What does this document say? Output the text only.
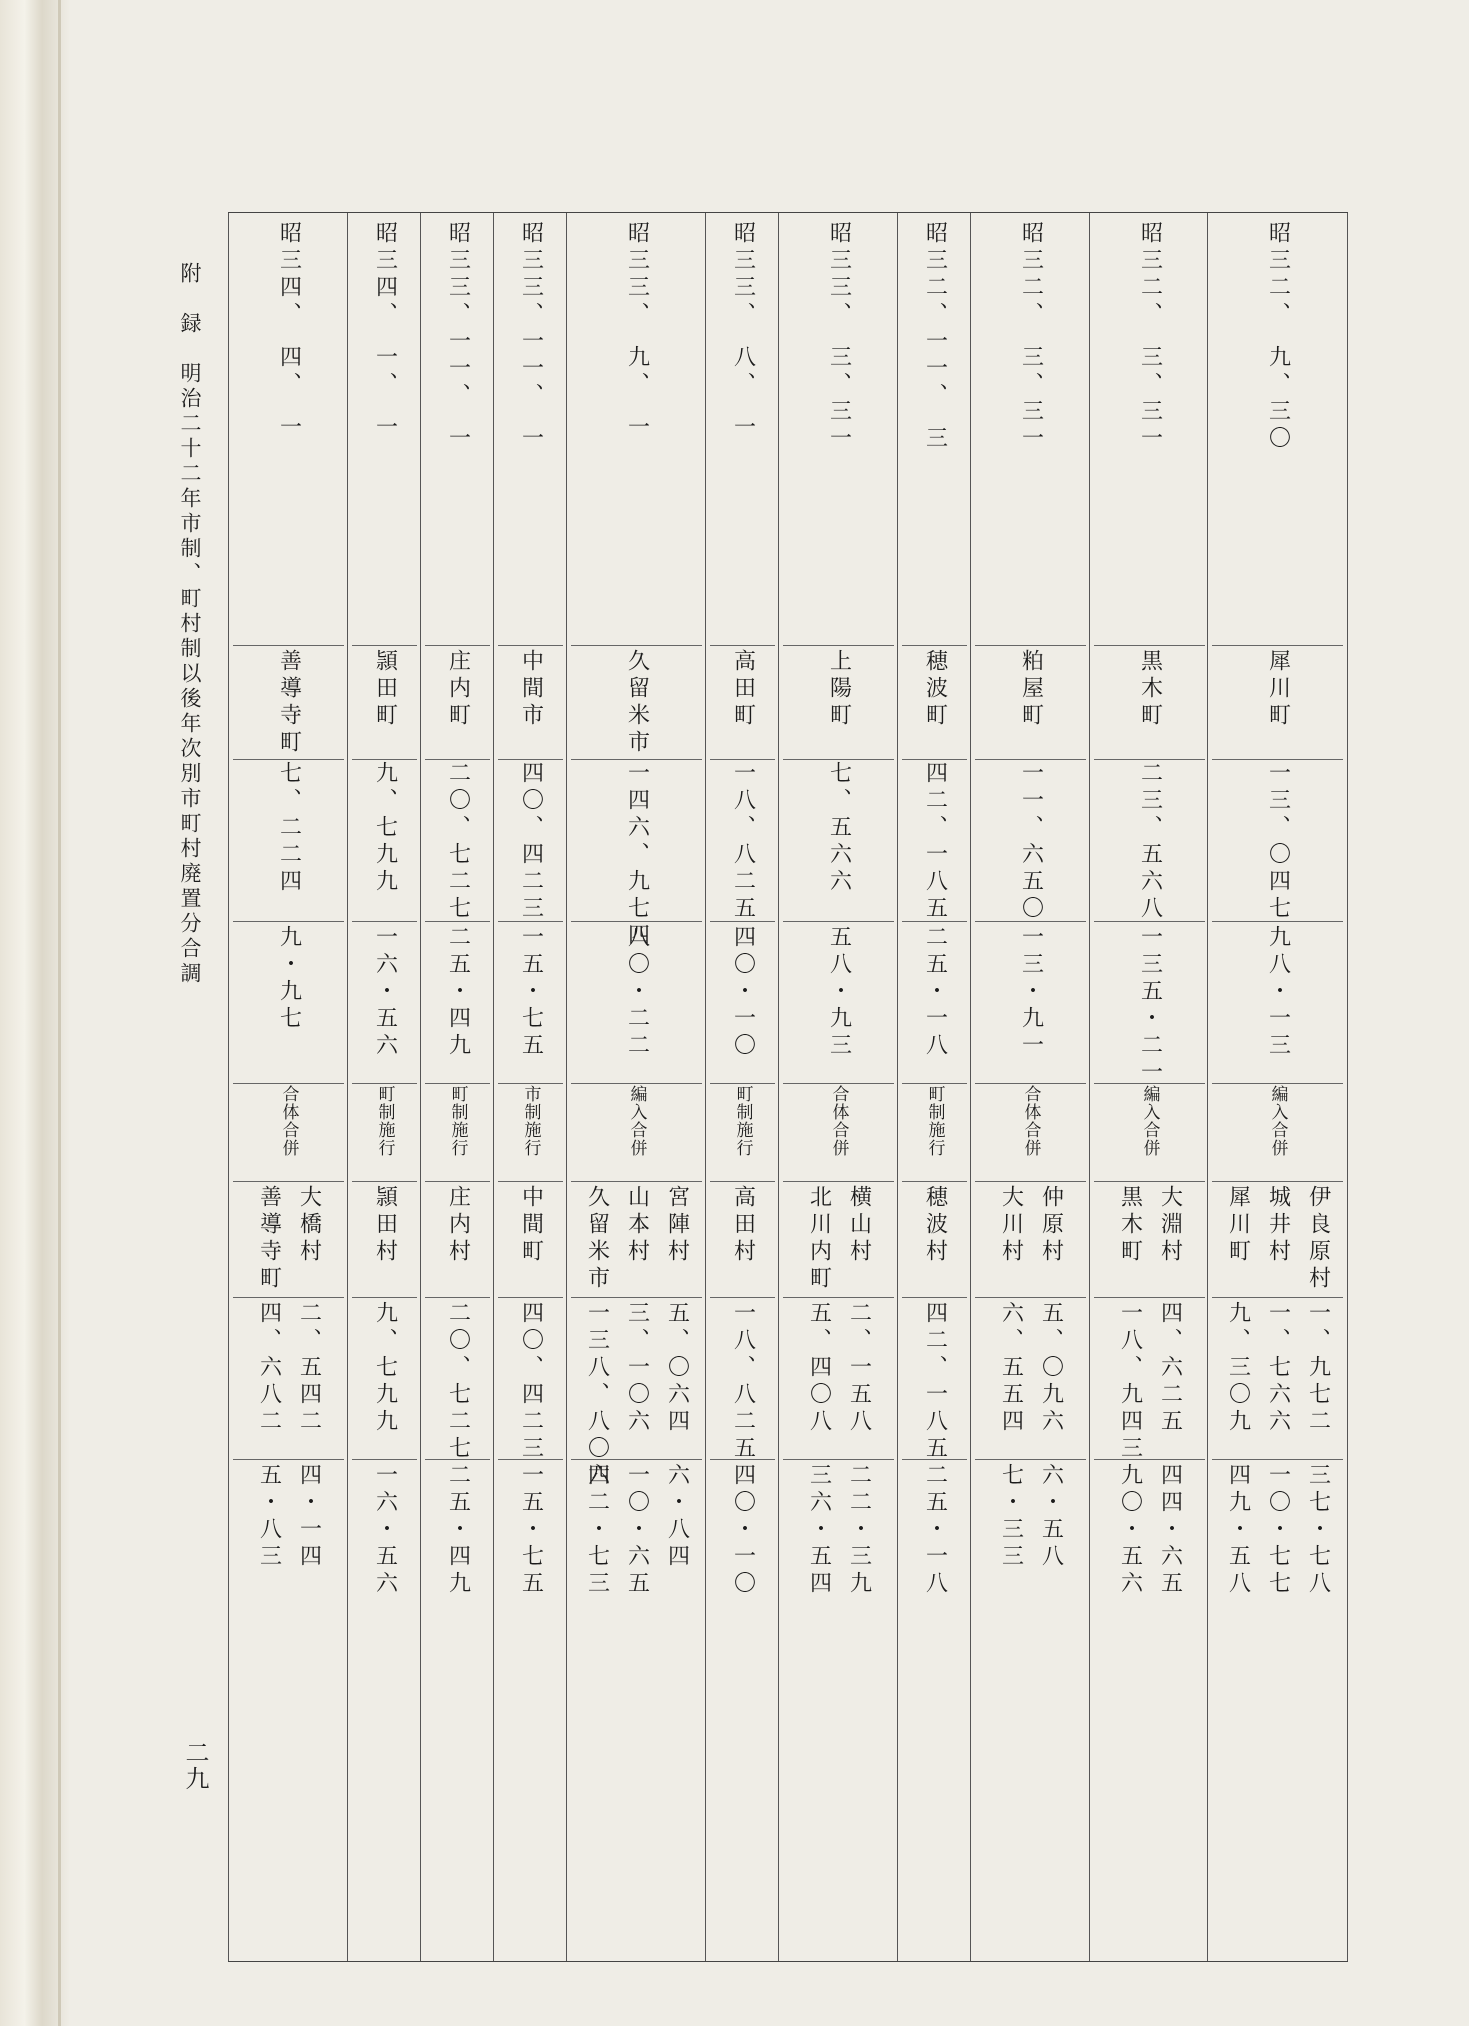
附　録　明治二十二年市制、町村制以後年次別市町村廃置分合調
二九
昭三二、　九、三〇
犀川町
一三、〇四七
九八・一三
編入合併
犀川町 城井村 伊良原村
九、三〇九 一、七六六 一、九七二
四九・五八 一〇・七七 三七・七八
昭三二、　三、三一
黒木町
二三、五六八
一三五・二一
編入合併
黒木町 大淵村
一八、九四三 四、六二五
九〇・五六 四四・六五
昭三二、　三、三一
粕屋町
一一、六五〇
一三・九一
合体合併
大川村 仲原村
六、五五四 五、〇九六
七・三三 六・五八
昭三二、一一、　三
穂波町
四二、一八五
二五・一八
町制施行
穂波村
四二、一八五
二五・一八
昭三三、　三、三一
上陽町
七、五六六
五八・九三
合体合併
北川内町 横山村
五、四〇八 二、一五八
三六・五四 二二・三九
昭三三、　八、　一
高田町
一八、八二五
四〇・一〇
町制施行
高田村
一八、八二五
四〇・一〇
昭三三、　九、　一
久留米市
一四六、九七四
八〇・二二
編入合併
久留米市 山本村 宮陣村
一三八、八〇四 三、一〇六 五、〇六四
六二・七三 一〇・六五 六・八四
昭三三、一一、　一
中間市
四〇、四二三
一五・七五
市制施行
中間町
四〇、四二三
一五・七五
昭三三、一一、　一
庄内町
二〇、七二七
二五・四九
町制施行
庄内村
二〇、七二七
二五・四九
昭三四、　一、　一
頴田町
九、七九九
一六・五六
町制施行
頴田村
九、七九九
一六・五六
昭三四、　四、　一
善導寺町
七、二二四
九・九七
合体合併
善導寺町 大橋村
四、六八二 二、五四二
五・八三 四・一四
